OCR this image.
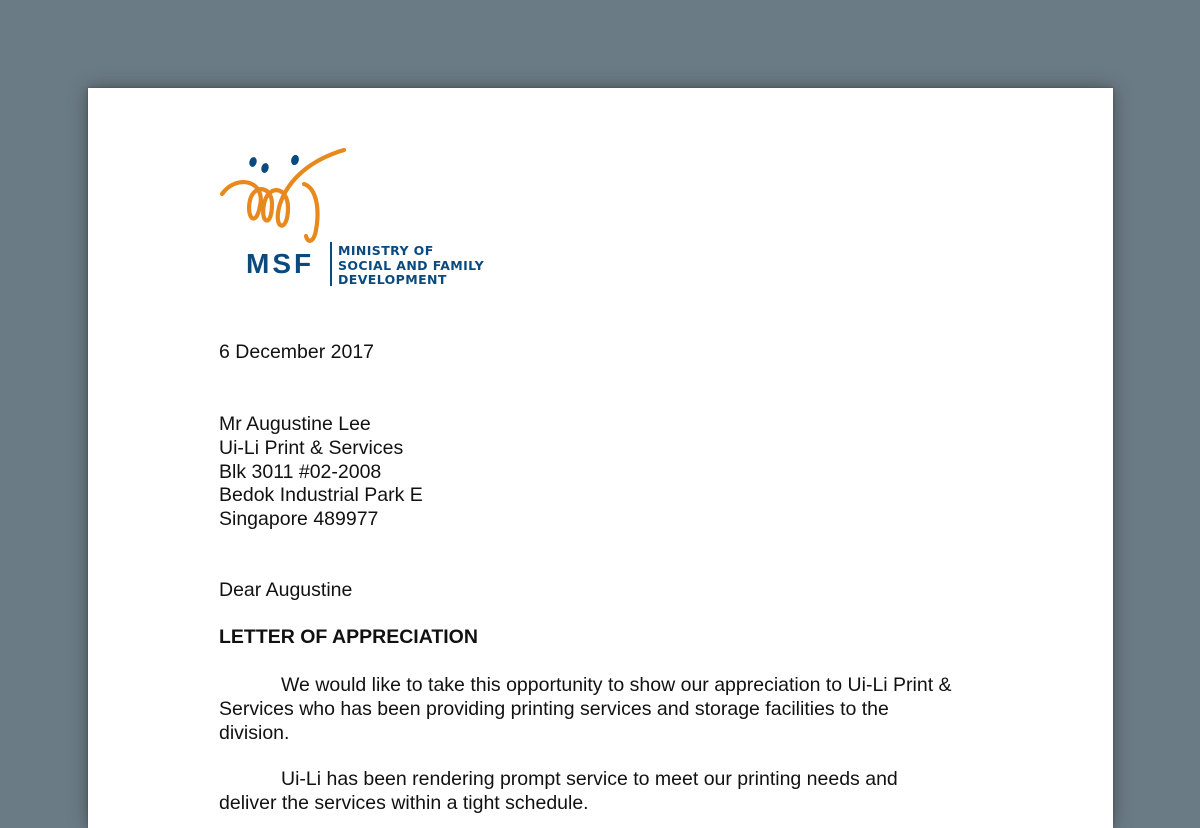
MSF MINISTRY OF
SOCIAL AND FAMILY
DEVELOPMENT
6 December 2017
Mr Augustine Lee
Ui-Li Print & Services
Blk 3011 #02-2008
Bedok Industrial Park E
Singapore 489977
Dear Augustine
LETTER OF APPRECIATION
We would like to take this opportunity to show our appreciation to Ui-Li Print &
Services who has been providing printing services and storage facilities to the
division.
Ui-Li has been rendering prompt service to meet our printing needs and
deliver the services within a tight schedule.
